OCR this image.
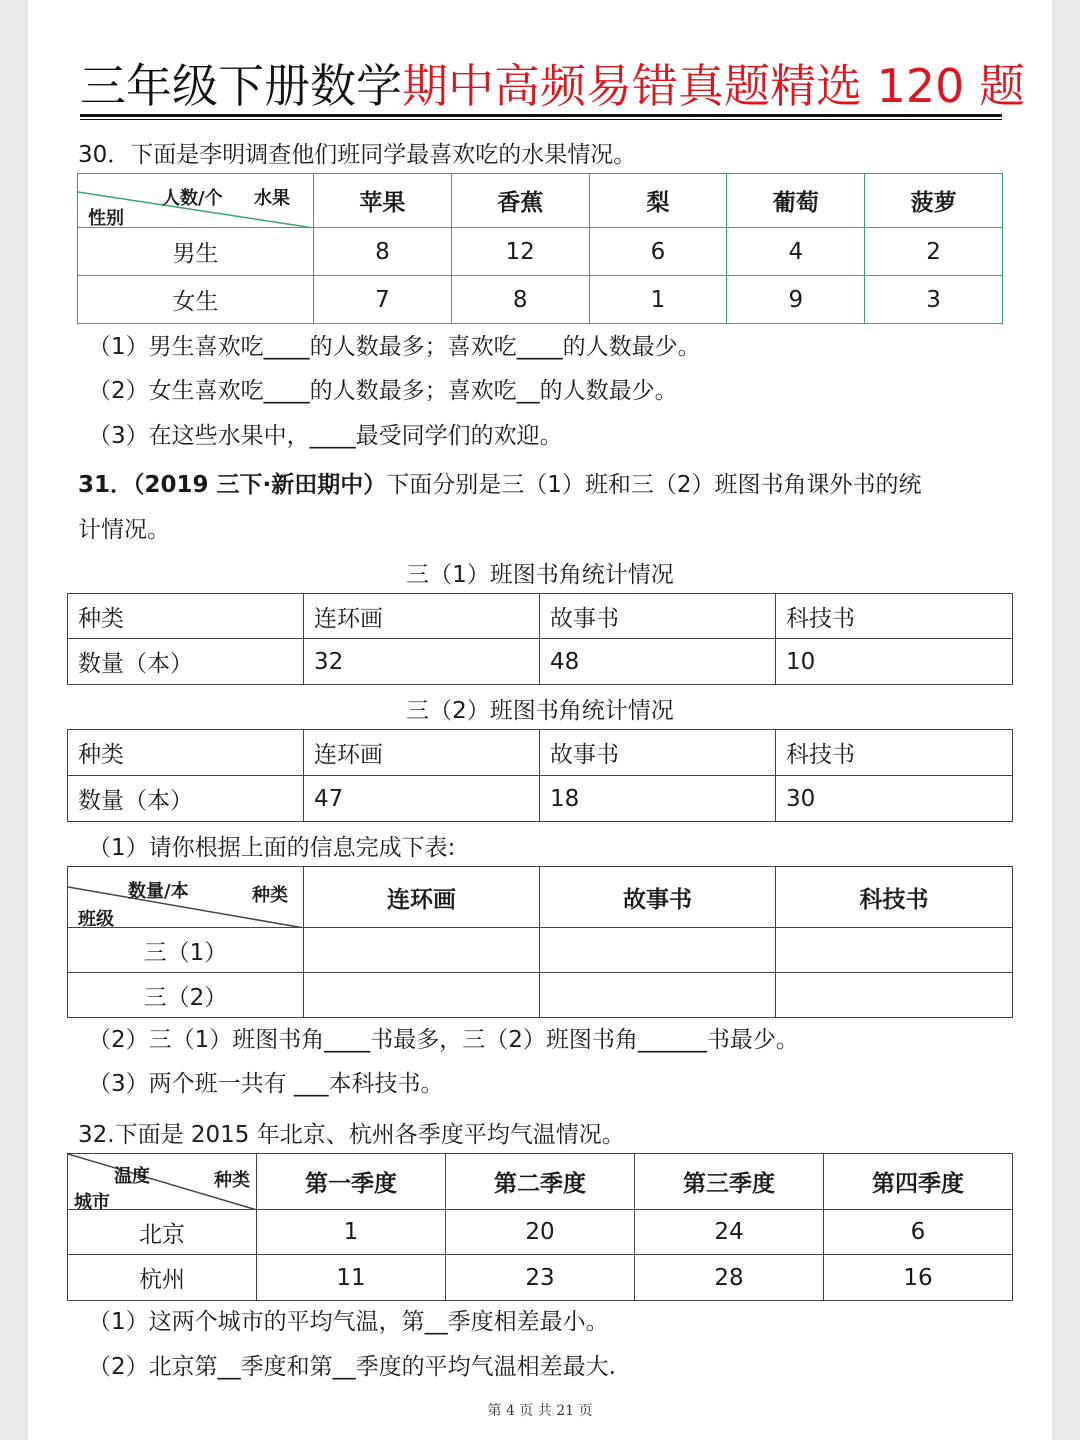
三年级下册数学期中高频易错真题精选 120 题
30．下面是李明调查他们班同学最喜欢吃的水果情况。
人数/个 水果
性别	苹果	香蕉	梨	葡萄	菠萝
男生	8	12	6	4	2
女生	7	8	1	9	3
（1）男生喜欢吃____的人数最多；喜欢吃____的人数最少。
（2）女生喜欢吃____的人数最多；喜欢吃__的人数最少。
（3）在这些水果中，____最受同学们的欢迎。
31．（2019 三下·新田期中）下面分别是三（1）班和三（2）班图书角课外书的统
计情况。
三（1）班图书角统计情况
种类	连环画	故事书	科技书
数量（本）	32	48	10
三（2）班图书角统计情况
种类	连环画	故事书	科技书
数量（本）	47	18	30
（1）请你根据上面的信息完成下表:
数量/本 种类
班级	连环画	故事书	科技书
三（1）			
三（2）			
（2）三（1）班图书角____书最多，三（2）班图书角______书最少。
（3）两个班一共有 ___本科技书。
32.下面是 2015 年北京、杭州各季度平均气温情况。
温度 种类
城市	第一季度	第二季度	第三季度	第四季度
北京	1	20	24	6
杭州	11	23	28	16
（1）这两个城市的平均气温，第__季度相差最小。
（2）北京第__季度和第__季度的平均气温相差最大.
第 4 页 共 21 页
